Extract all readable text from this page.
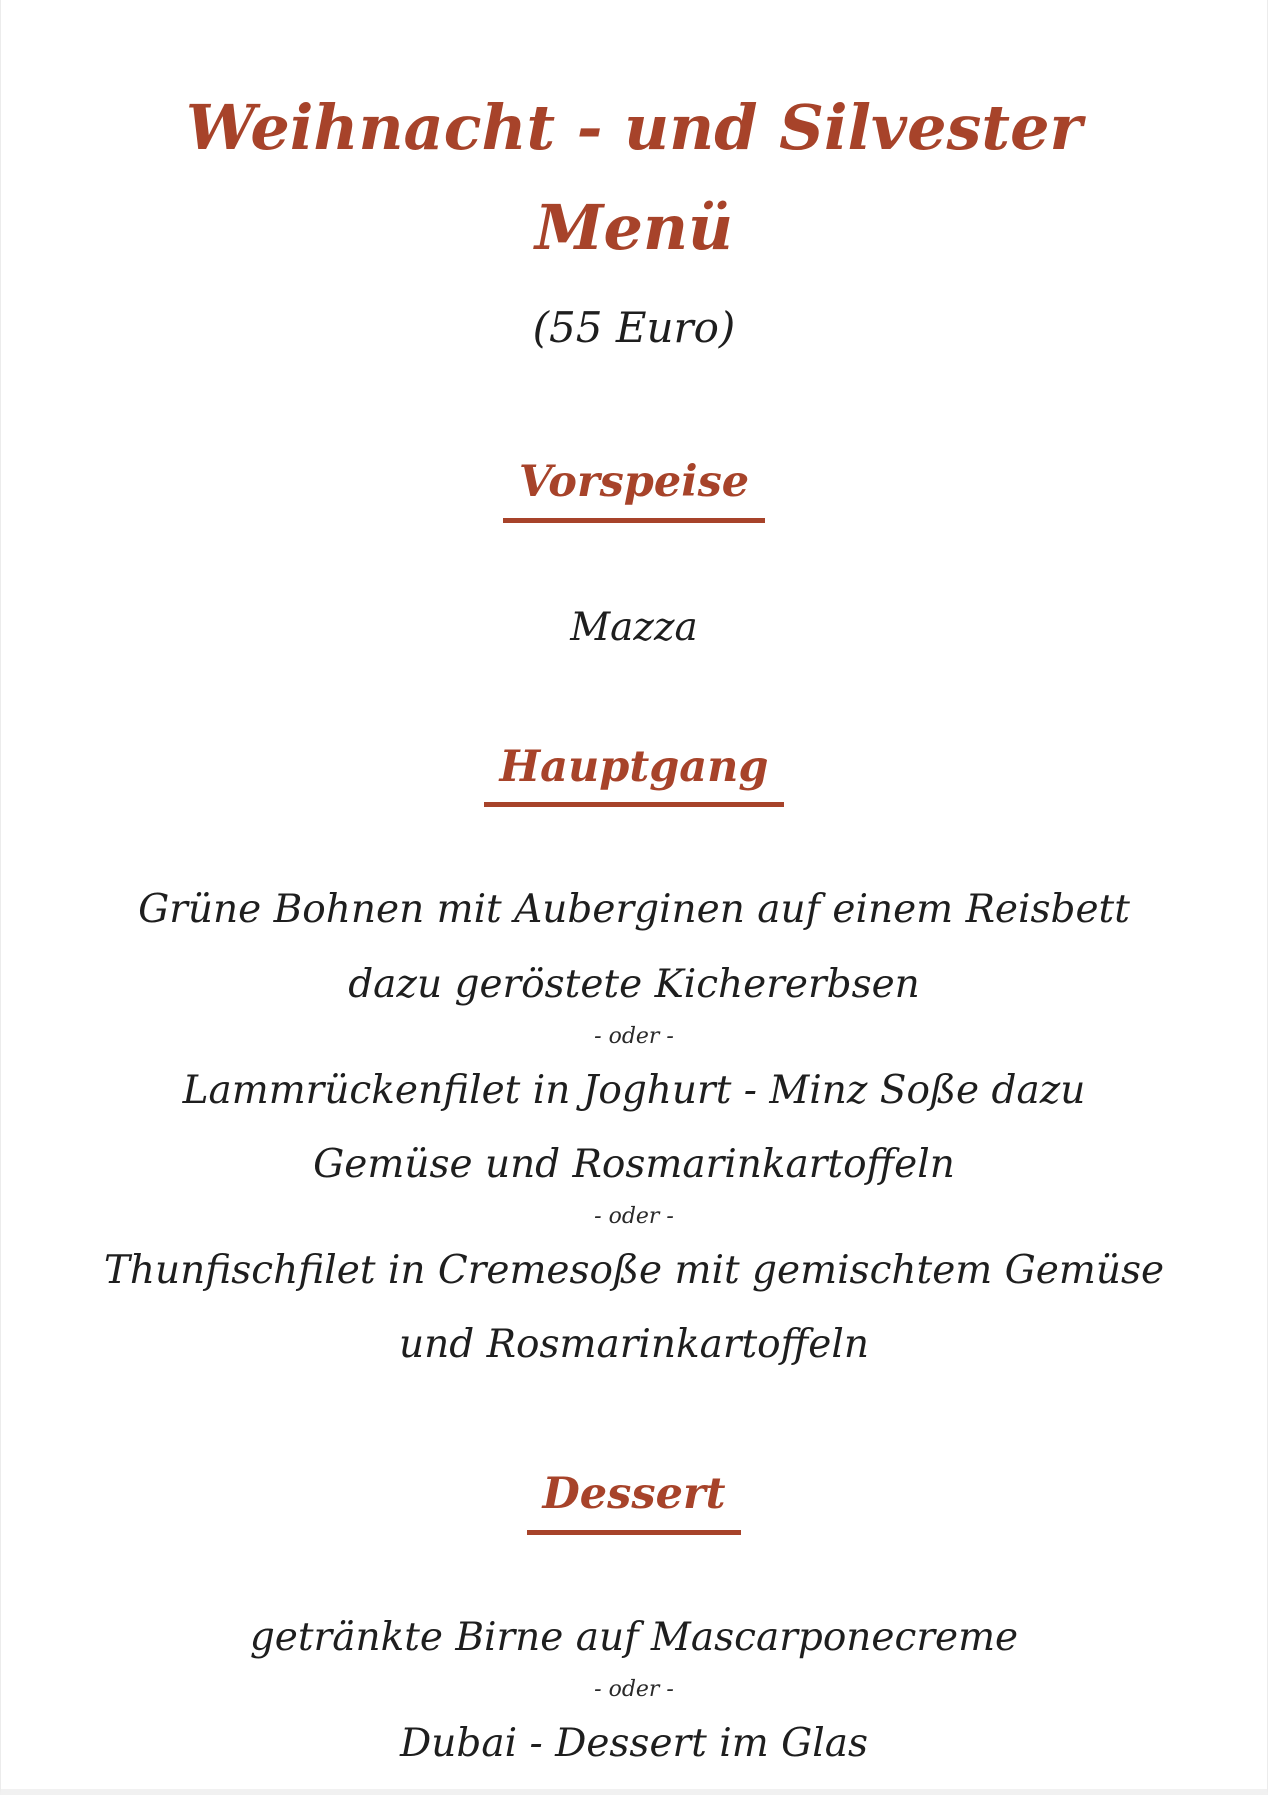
Weihnacht - und Silvester
Menü
(55 Euro)
Vorspeise
Mazza
Hauptgang
Grüne Bohnen mit Auberginen auf einem Reisbett
dazu geröstete Kichererbsen
- oder -
Lammrückenfilet in Joghurt - Minz Soße dazu
Gemüse und Rosmarinkartoffeln
- oder -
Thunfischfilet in Cremesoße mit gemischtem Gemüse
und Rosmarinkartoffeln
Dessert
getränkte Birne auf Mascarponecreme
- oder -
Dubai - Dessert im Glas
